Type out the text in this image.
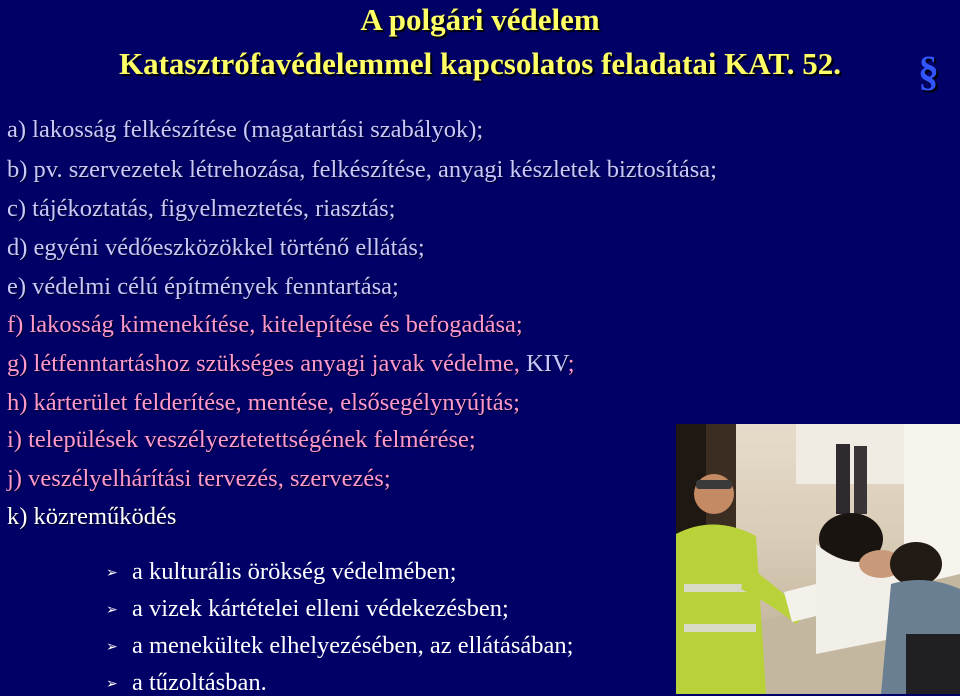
A polgári védelem
Katasztrófavédelemmel kapcsolatos feladatai KAT. 52.	§
a) lakosság felkészítése (magatartási szabályok);
b) pv. szervezetek létrehozása, felkészítése, anyagi készletek biztosítása;
c) tájékoztatás, figyelmeztetés, riasztás;
d) egyéni védőeszközökkel történő ellátás;
e) védelmi célú építmények fenntartása;
f) lakosság kimenekítése, kitelepítése és befogadása;
g) létfenntartáshoz szükséges anyagi javak védelme, KIV;
h) kárterület felderítése, mentése, elsősegélynyújtás;
i) települések veszélyeztetettségének felmérése;
j) veszélyelhárítási tervezés, szervezés;
k) közreműködés
➢ a kulturális örökség védelmében;
➢ a vizek kártételei elleni védekezésben;
➢ a menekültek elhelyezésében, az ellátásában;
➢ a tűzoltásban.
